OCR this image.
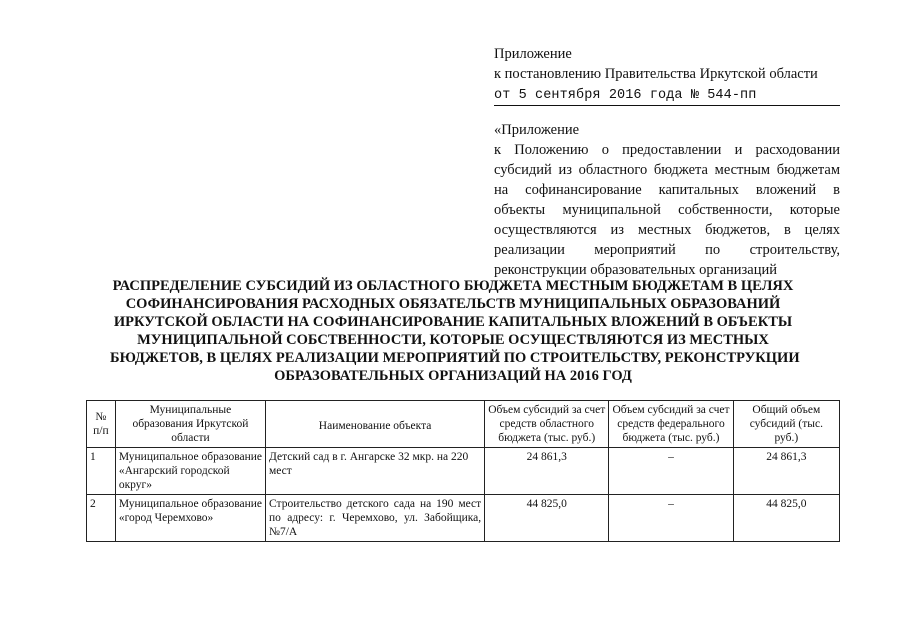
Приложение
к постановлению Правительства Иркутской области
от 5 сентября 2016 года № 544-пп
«Приложение
к Положению о предоставлении и расходовании субсидий из областного бюджета местным бюджетам на софинансирование капитальных вложений в объекты муниципальной собственности, которые осуществляются из местных бюджетов, в целях реализации мероприятий по строительству, реконструкции образовательных организаций
РАСПРЕДЕЛЕНИЕ СУБСИДИЙ ИЗ ОБЛАСТНОГО БЮДЖЕТА МЕСТНЫМ БЮДЖЕТАМ В ЦЕЛЯХ
СОФИНАНСИРОВАНИЯ РАСХОДНЫХ ОБЯЗАТЕЛЬСТВ МУНИЦИПАЛЬНЫХ ОБРАЗОВАНИЙ
ИРКУТСКОЙ ОБЛАСТИ НА СОФИНАНСИРОВАНИЕ КАПИТАЛЬНЫХ ВЛОЖЕНИЙ В ОБЪЕКТЫ
МУНИЦИПАЛЬНОЙ СОБСТВЕННОСТИ, КОТОРЫЕ ОСУЩЕСТВЛЯЮТСЯ ИЗ МЕСТНЫХ
БЮДЖЕТОВ, В ЦЕЛЯХ РЕАЛИЗАЦИИ МЕРОПРИЯТИЙ ПО СТРОИТЕЛЬСТВУ, РЕКОНСТРУКЦИИ
ОБРАЗОВАТЕЛЬНЫХ ОРГАНИЗАЦИЙ НА 2016 ГОД
№ п/п	Муниципальные образования Иркутской области	Наименование объекта	Объем субсидий за счет средств областного бюджета (тыс. руб.)	Объем субсидий за счет средств федерального бюджета (тыс. руб.)	Общий объем субсидий (тыс. руб.)
1	Муниципальное образование «Ангарский городской округ»	Детский сад в г. Ангарске 32 мкр. на 220 мест	24 861,3	–	24 861,3
2	Муниципальное образование «город Черемхово»	Строительство детского сада на 190 мест по адресу: г. Черемхово, ул. Забойщика, №7/А	44 825,0	–	44 825,0
